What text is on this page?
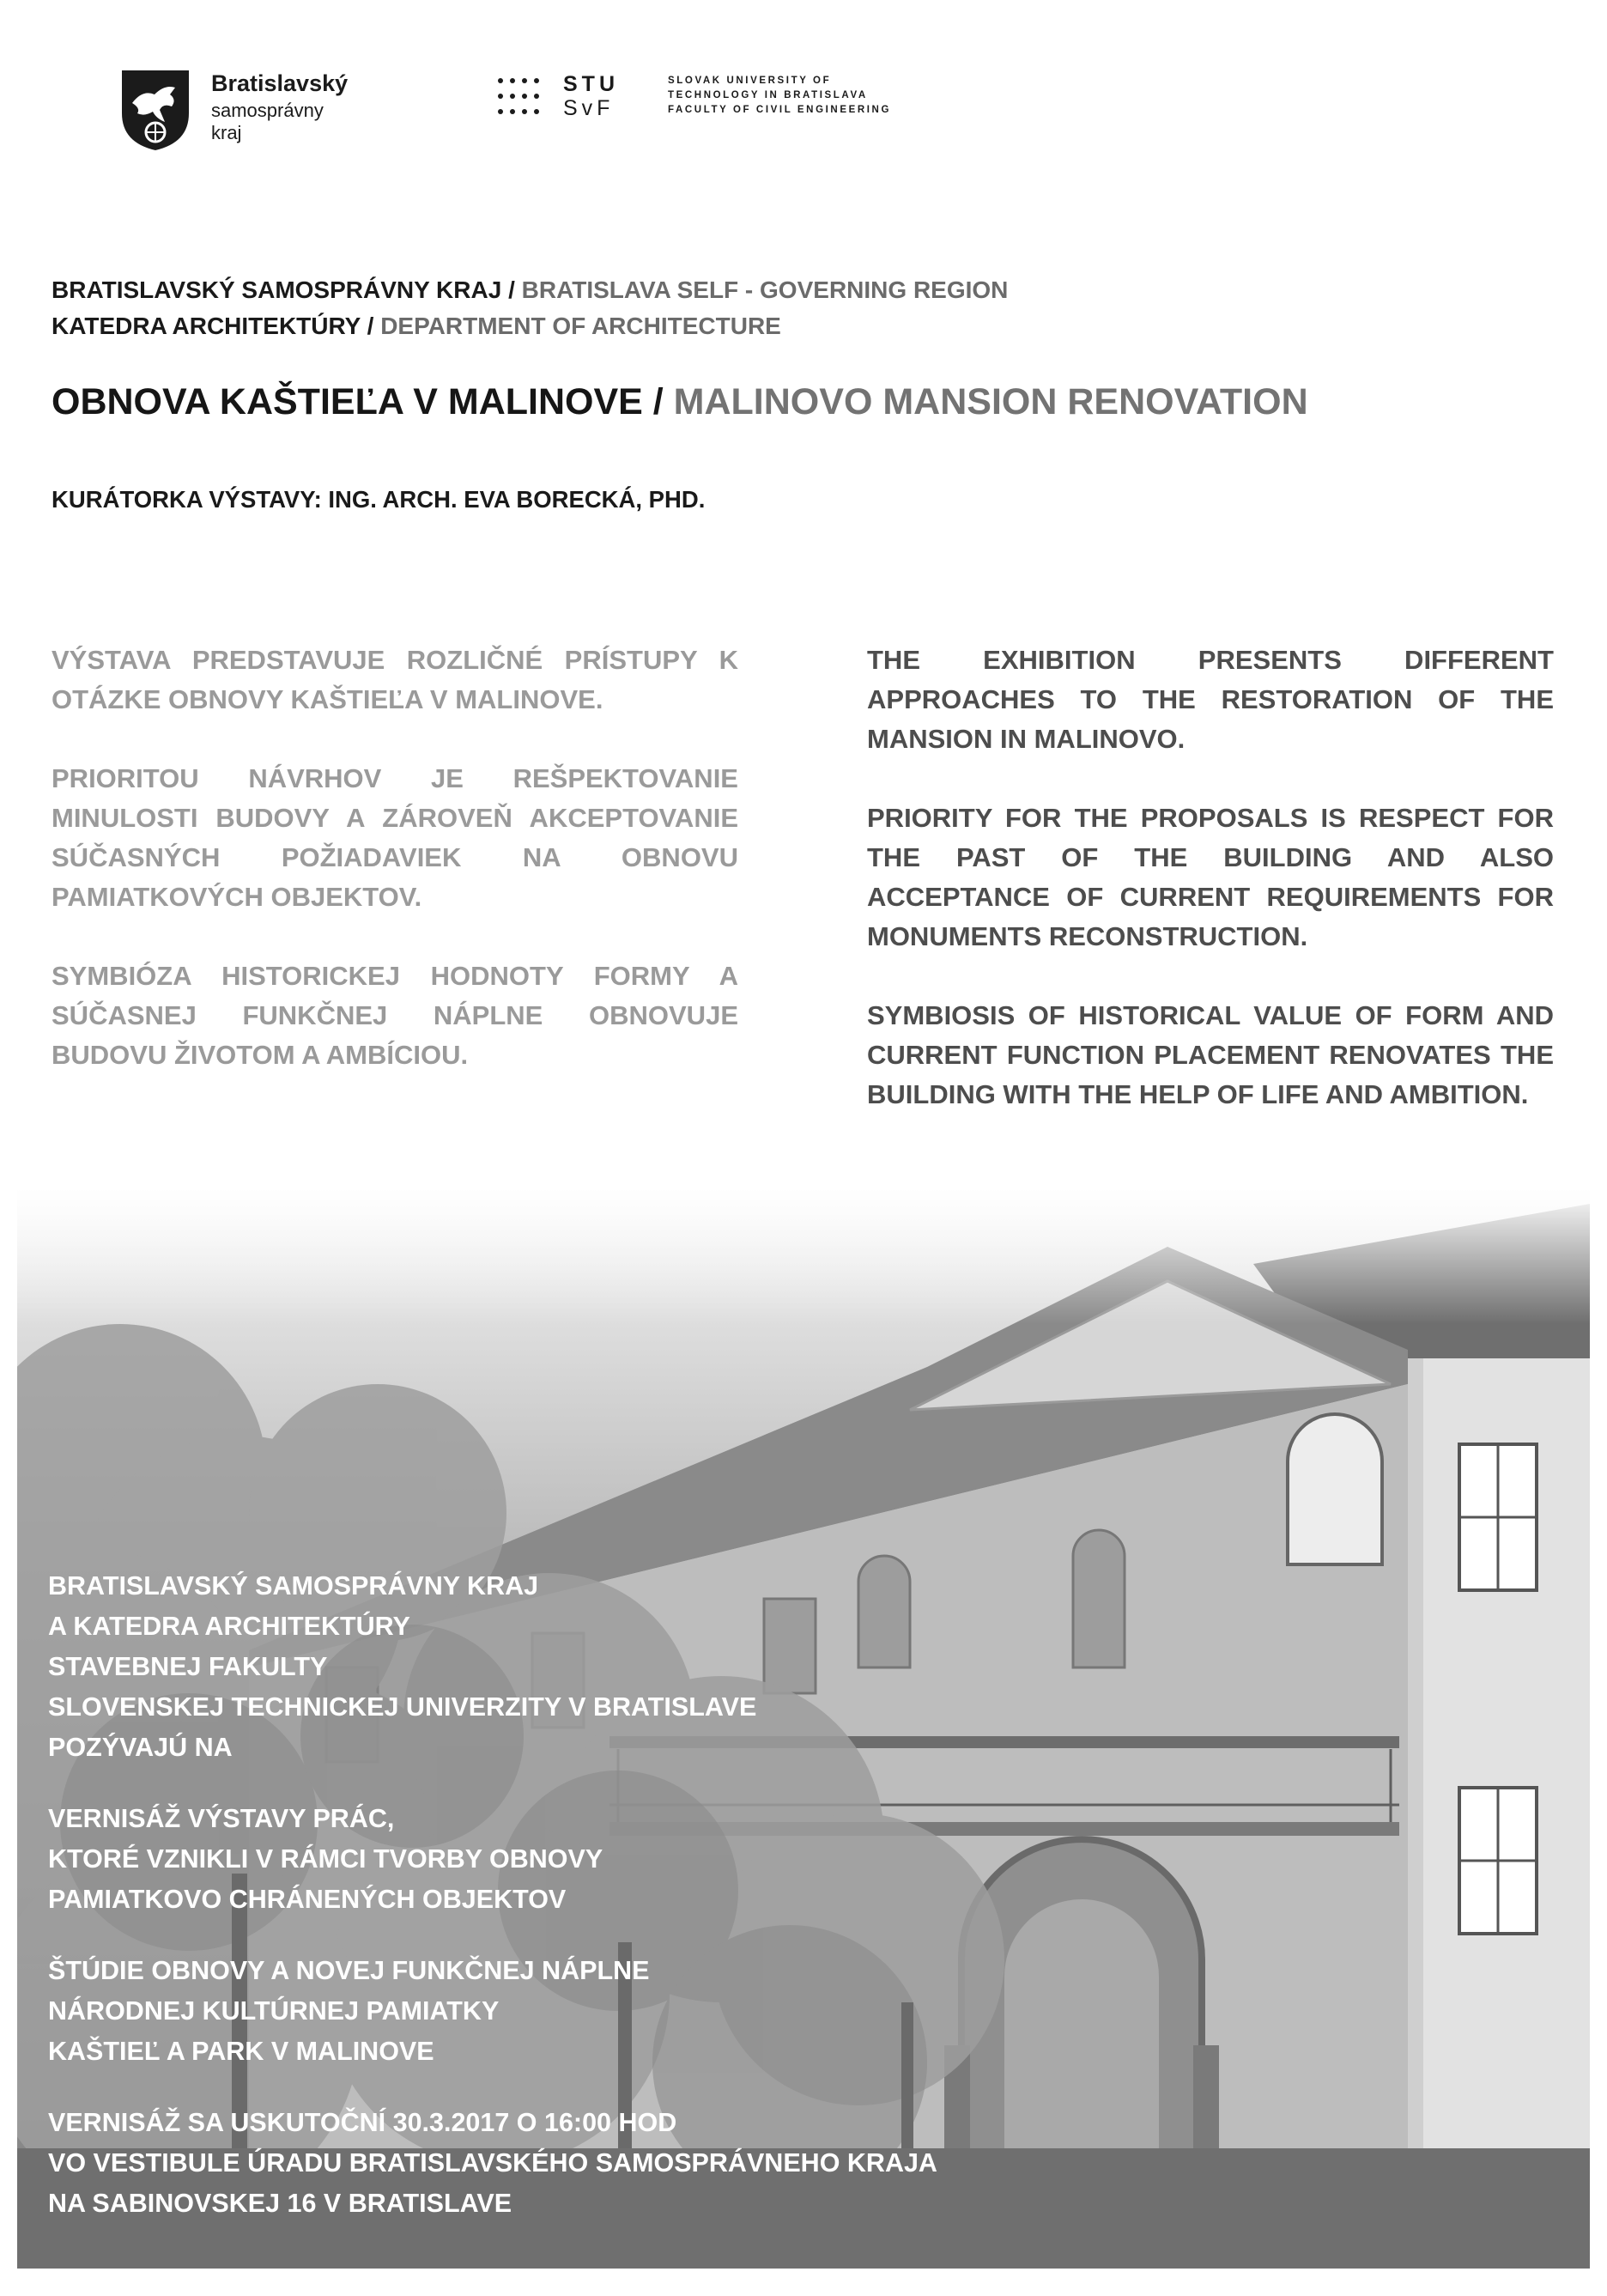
Bratislavský
samosprávny
kraj
STU
SvF
SLOVAK UNIVERSITY OF
TECHNOLOGY IN BRATISLAVA
FACULTY OF CIVIL ENGINEERING
BRATISLAVSKÝ SAMOSPRÁVNY KRAJ / BRATISLAVA SELF - GOVERNING REGION
KATEDRA ARCHITEKTÚRY / DEPARTMENT OF ARCHITECTURE
OBNOVA KAŠTIEĽA V MALINOVE / MALINOVO MANSION RENOVATION
KURÁTORKA VÝSTAVY: ING. ARCH. EVA BORECKÁ, PHD.

VÝSTAVA PREDSTAVUJE ROZLIČNÉ PRÍSTUPY K OTÁZKE OBNOVY KAŠTIEĽA V MALINOVE.

PRIORITOU NÁVRHOV JE REŠPEKTOVANIE MINULOSTI BUDOVY A ZÁROVEŇ AKCEPTOVANIE SÚČASNÝCH POŽIADAVIEK NA OBNOVU PAMIATKOVÝCH OBJEKTOV.

SYMBIÓZA HISTORICKEJ HODNOTY FORMY A SÚČASNEJ FUNKČNEJ NÁPLNE OBNOVUJE BUDOVU ŽIVOTOM A AMBÍCIOU.

THE EXHIBITION PRESENTS DIFFERENT APPROACHES TO THE RESTORATION OF THE MANSION IN MALINOVO.

PRIORITY FOR THE PROPOSALS IS RESPECT FOR THE PAST OF THE BUILDING AND ALSO ACCEPTANCE OF CURRENT REQUIREMENTS FOR MONUMENTS RECONSTRUCTION.

SYMBIOSIS OF HISTORICAL VALUE OF FORM AND CURRENT FUNCTION PLACEMENT RENOVATES THE BUILDING WITH THE HELP OF LIFE AND AMBITION.

BRATISLAVSKÝ SAMOSPRÁVNY KRAJ
A KATEDRA ARCHITEKTÚRY
STAVEBNEJ FAKULTY
SLOVENSKEJ TECHNICKEJ UNIVERZITY V BRATISLAVE
POZÝVAJÚ NA

VERNISÁŽ VÝSTAVY PRÁC,
KTORÉ VZNIKLI V RÁMCI TVORBY OBNOVY
PAMIATKOVO CHRÁNENÝCH OBJEKTOV

ŠTÚDIE OBNOVY A NOVEJ FUNKČNEJ NÁPLNE
NÁRODNEJ KULTÚRNEJ PAMIATKY
KAŠTIEĽ A PARK V MALINOVE

VERNISÁŽ SA USKUTOČNÍ 30.3.2017 O 16:00 HOD
VO VESTIBULE ÚRADU BRATISLAVSKÉHO SAMOSPRÁVNEHO KRAJA
NA SABINOVSKEJ 16 V BRATISLAVE
